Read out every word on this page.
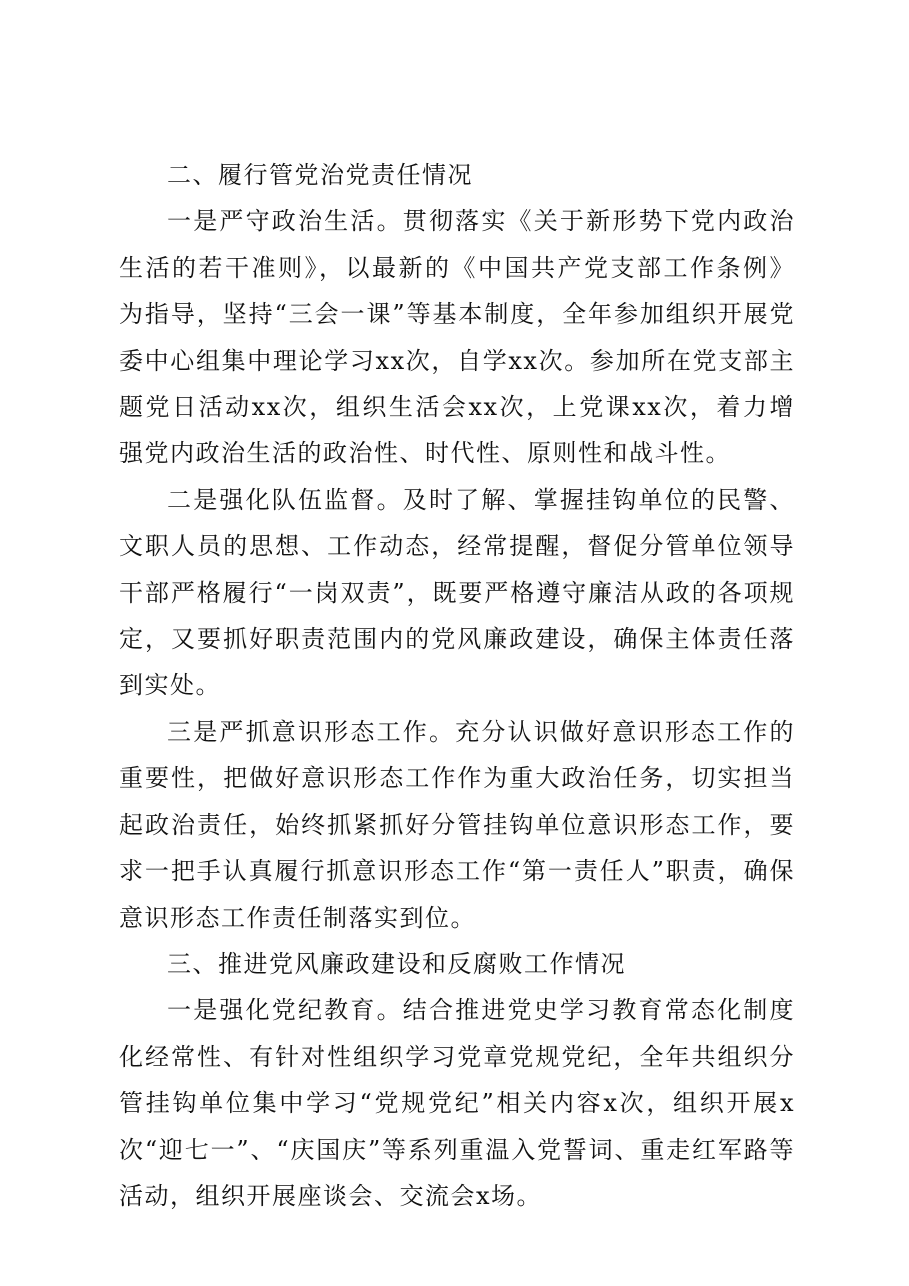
二、履行管党治党责任情况

一是严守政治生活。贯彻落实《关于新形势下党内政治生活的若干准则》，以最新的《中国共产党支部工作条例》为指导，坚持“三会一课”等基本制度，全年参加组织开展党委中心组集中理论学习xx次，自学xx次。参加所在党支部主题党日活动xx次，组织生活会xx次，上党课xx次，着力增强党内政治生活的政治性、时代性、原则性和战斗性。

二是强化队伍监督。及时了解、掌握挂钩单位的民警、文职人员的思想、工作动态，经常提醒，督促分管单位领导干部严格履行“一岗双责”，既要严格遵守廉洁从政的各项规定，又要抓好职责范围内的党风廉政建设，确保主体责任落到实处。

三是严抓意识形态工作。充分认识做好意识形态工作的重要性，把做好意识形态工作作为重大政治任务，切实担当起政治责任，始终抓紧抓好分管挂钩单位意识形态工作，要求一把手认真履行抓意识形态工作“第一责任人”职责，确保意识形态工作责任制落实到位。

三、推进党风廉政建设和反腐败工作情况

一是强化党纪教育。结合推进党史学习教育常态化制度化经常性、有针对性组织学习党章党规党纪，全年共组织分管挂钩单位集中学习“党规党纪”相关内容x次，组织开展x次“迎七一”、“庆国庆”等系列重温入党誓词、重走红军路等活动，组织开展座谈会、交流会x场。
